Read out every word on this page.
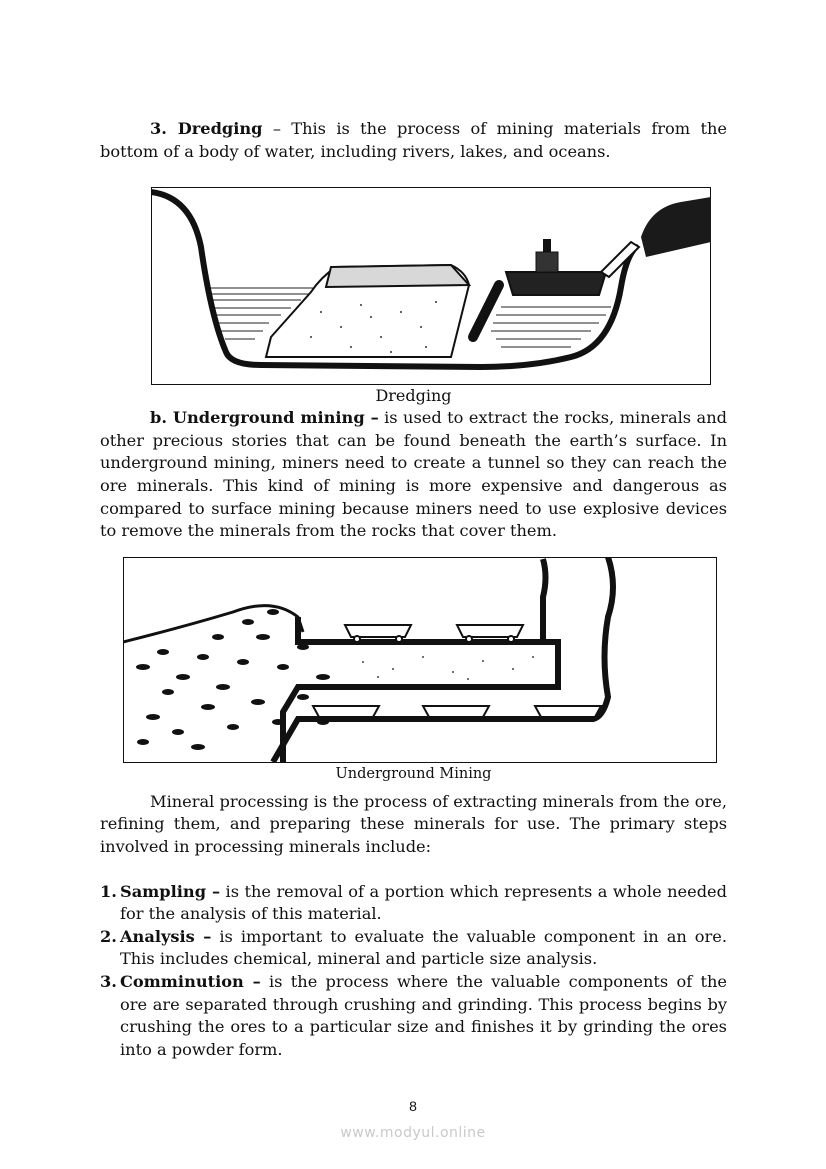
3. Dredging – This is the process of mining materials from the bottom of a body of water, including rivers, lakes, and oceans.

Dredging

b. Underground mining – is used to extract the rocks, minerals and other precious stories that can be found beneath the earth’s surface. In underground mining, miners need to create a tunnel so they can reach the ore minerals. This kind of mining is more expensive and dangerous as compared to surface mining because miners need to use explosive devices to remove the minerals from the rocks that cover them.

Underground Mining

Mineral processing is the process of extracting minerals from the ore, refining them, and preparing these minerals for use. The primary steps involved in processing minerals include:

1. Sampling – is the removal of a portion which represents a whole needed for the analysis of this material.
2. Analysis – is important to evaluate the valuable component in an ore. This includes chemical, mineral and particle size analysis.
3. Comminution – is the process where the valuable components of the ore are separated through crushing and grinding. This process begins by crushing the ores to a particular size and finishes it by grinding the ores into a powder form.
8
www.modyul.online
